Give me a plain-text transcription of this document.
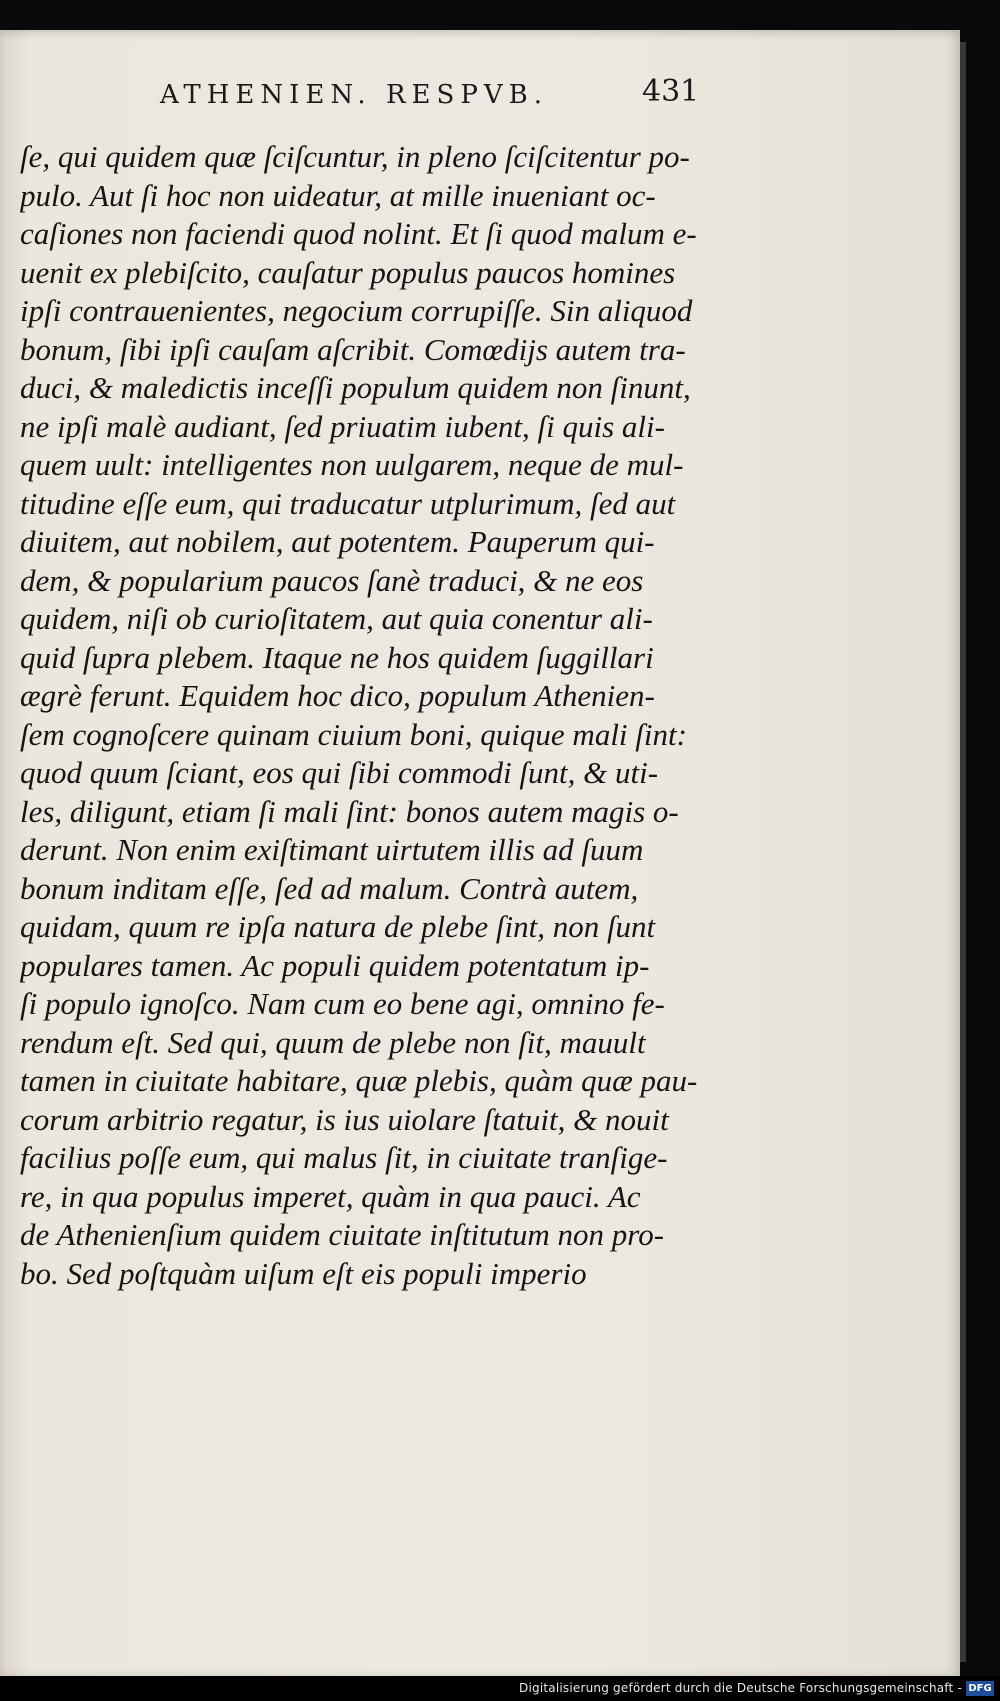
ATHENIEN. RESPVB.	431
ſe, qui quidem quæ ſciſcuntur, in pleno ſciſcitentur po-
pulo. Aut ſi hoc non uideatur, at mille inueniant oc-
caſiones non faciendi quod nolint. Et ſi quod malum e-
uenit ex plebiſcito, cauſatur populus paucos homines
ipſi contrauenientes, negocium corrupiſſe. Sin aliquod
bonum, ſibi ipſi cauſam aſcribit. Comœdijs autem tra-
duci, & maledictis inceſſi populum quidem non ſinunt,
ne ipſi malè audiant, ſed priuatim iubent, ſi quis ali-
quem uult: intelligentes non uulgarem, neque de mul-
titudine eſſe eum, qui traducatur utplurimum, ſed aut
diuitem, aut nobilem, aut potentem. Pauperum qui-
dem, & popularium paucos ſanè traduci, & ne eos
quidem, niſi ob curioſitatem, aut quia conentur ali-
quid ſupra plebem. Itaque ne hos quidem ſuggillari
ægrè ferunt. Equidem hoc dico, populum Athenien-
ſem cognoſcere quinam ciuium boni, quique mali ſint:
quod quum ſciant, eos qui ſibi commodi ſunt, & uti-
les, diligunt, etiam ſi mali ſint: bonos autem magis o-
derunt. Non enim exiſtimant uirtutem illis ad ſuum
bonum inditam eſſe, ſed ad malum. Contrà autem,
quidam, quum re ipſa natura de plebe ſint, non ſunt
populares tamen. Ac populi quidem potentatum ip-
ſi populo ignoſco. Nam cum eo bene agi, omnino fe-
rendum eſt. Sed qui, quum de plebe non ſit, mauult
tamen in ciuitate habitare, quæ plebis, quàm quæ pau-
corum arbitrio regatur, is ius uiolare ſtatuit, & nouit
facilius poſſe eum, qui malus ſit, in ciuitate tranſige-
re, in qua populus imperet, quàm in qua pauci. Ac
de Athenienſium quidem ciuitate inſtitutum non pro-
bo. Sed poſtquàm uiſum eſt eis populi imperio
Digitalisierung gefördert durch die Deutsche Forschungsgemeinschaft - DFG
